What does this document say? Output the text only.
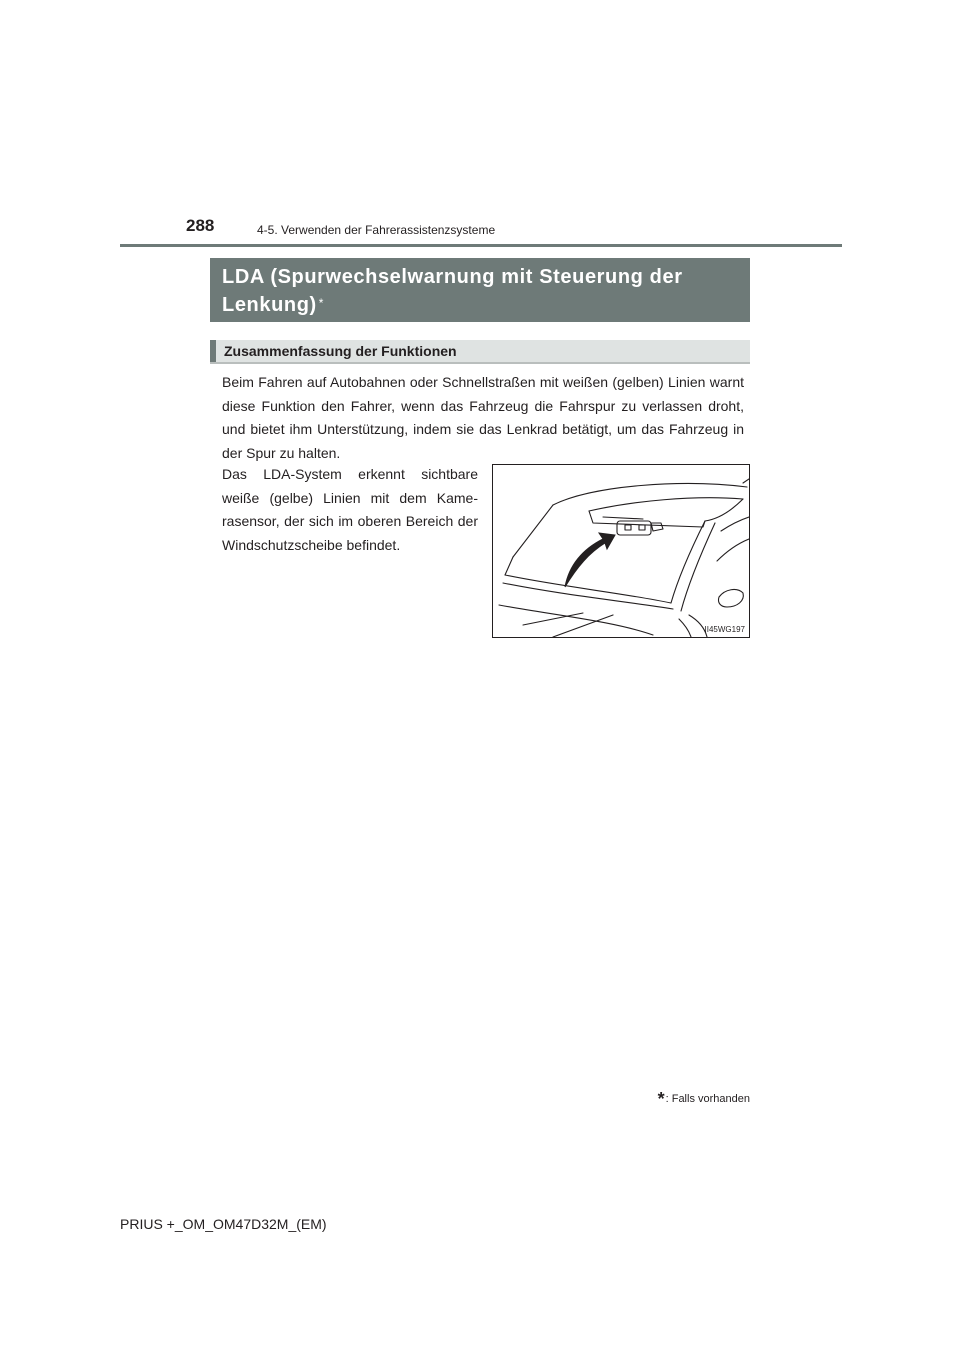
288	4-5. Verwenden der Fahrerassistenzsysteme
LDA (Spurwechselwarnung mit Steuerung der Lenkung) *
Zusammenfassung der Funktionen
Beim Fahren auf Autobahnen oder Schnellstraßen mit weißen (gelben) Linien warnt diese Funktion den Fahrer, wenn das Fahrzeug die Fahrspur zu verlassen droht, und bietet ihm Unterstützung, indem sie das Lenkrad betätigt, um das Fahrzeug in der Spur zu halten.
Das LDA-System erkennt sichtbare weiße (gelbe) Linien mit dem Kamerasensor, der sich im oberen Bereich der Windschutzscheibe befindet.
II45WG197
*: Falls vorhanden
PRIUS +_OM_OM47D32M_(EM)
